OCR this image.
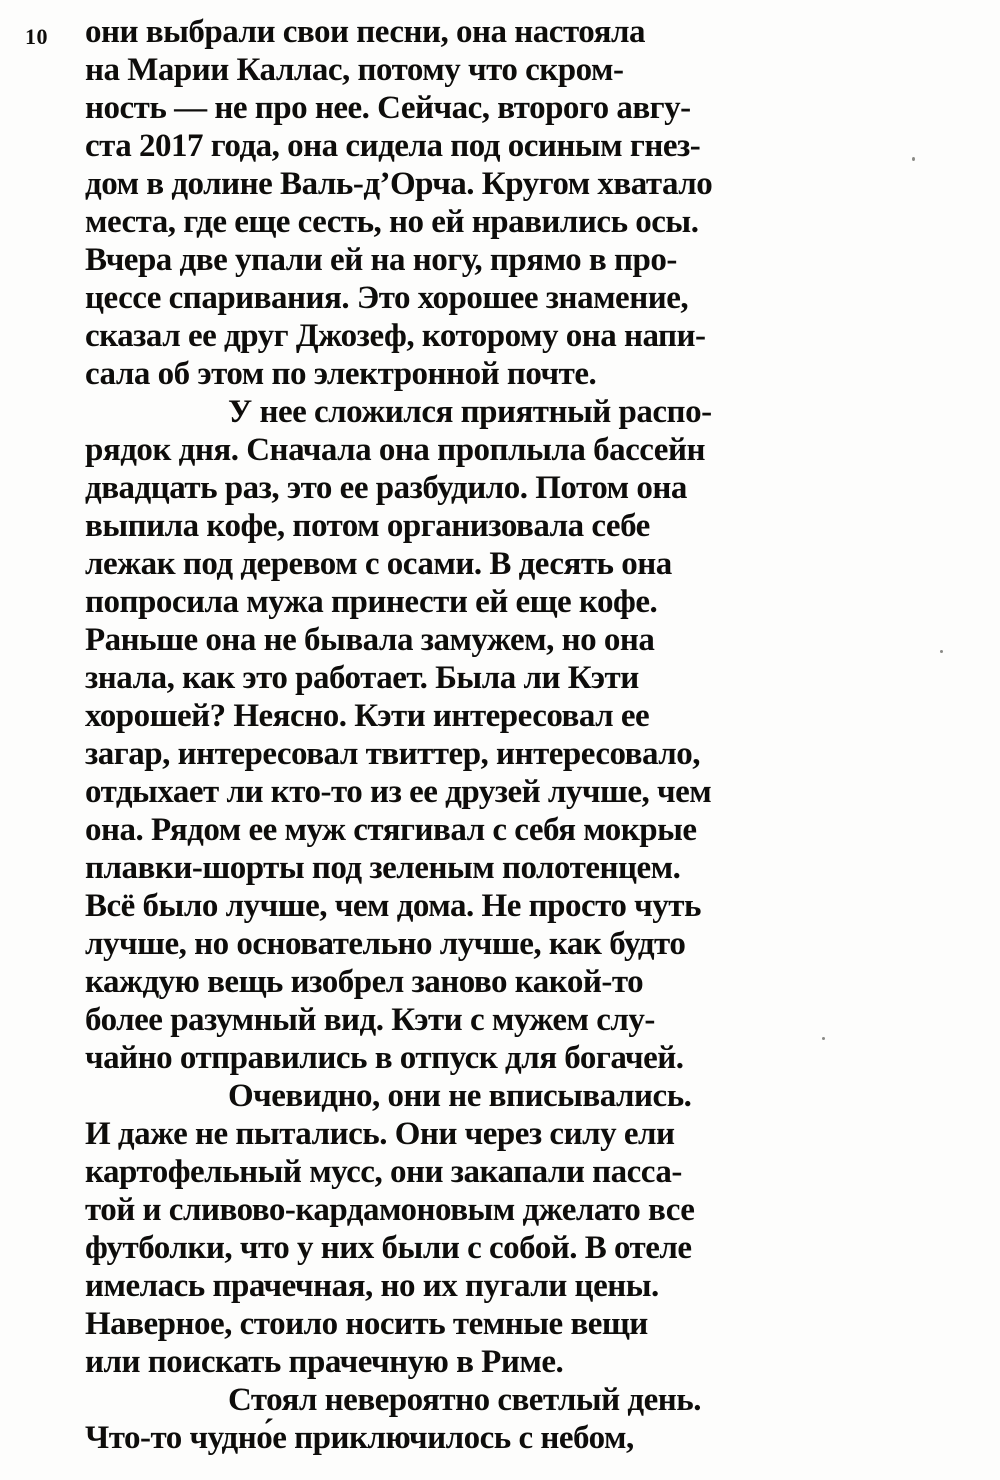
10 они выбрали свои песни, она настояла
на Марии Каллас, потому что скром-
ность — не про нее. Сейчас, второго авгу-
ста 2017 года, она сидела под осиным гнез-
дом в долине Валь-д’Орча. Кругом хватало
места, где еще сесть, но ей нравились осы.
Вчера две упали ей на ногу, прямо в про-
цессе спаривания. Это хорошее знамение,
сказал ее друг Джозеф, которому она напи-
сала об этом по электронной почте.
У нее сложился приятный распо-
рядок дня. Сначала она проплыла бассейн
двадцать раз, это ее разбудило. Потом она
выпила кофе, потом организовала себе
лежак под деревом с осами. В десять она
попросила мужа принести ей еще кофе.
Раньше она не бывала замужем, но она
знала, как это работает. Была ли Кэти
хорошей? Неясно. Кэти интересовал ее
загар, интересовал твиттер, интересовало,
отдыхает ли кто-то из ее друзей лучше, чем
она. Рядом ее муж стягивал с себя мокрые
плавки-шорты под зеленым полотенцем.
Всё было лучше, чем дома. Не просто чуть
лучше, но основательно лучше, как будто
каждую вещь изобрел заново какой-то
более разумный вид. Кэти с мужем слу-
чайно отправились в отпуск для богачей.
Очевидно, они не вписывались.
И даже не пытались. Они через силу ели
картофельный мусс, они закапали пасса-
той и сливово-кардамоновым джелато все
футболки, что у них были с собой. В отеле
имелась прачечная, но их пугали цены.
Наверное, стоило носить темные вещи
или поискать прачечную в Риме.
Стоял невероятно светлый день.
Что-то чудно́е приключилось с небом,
